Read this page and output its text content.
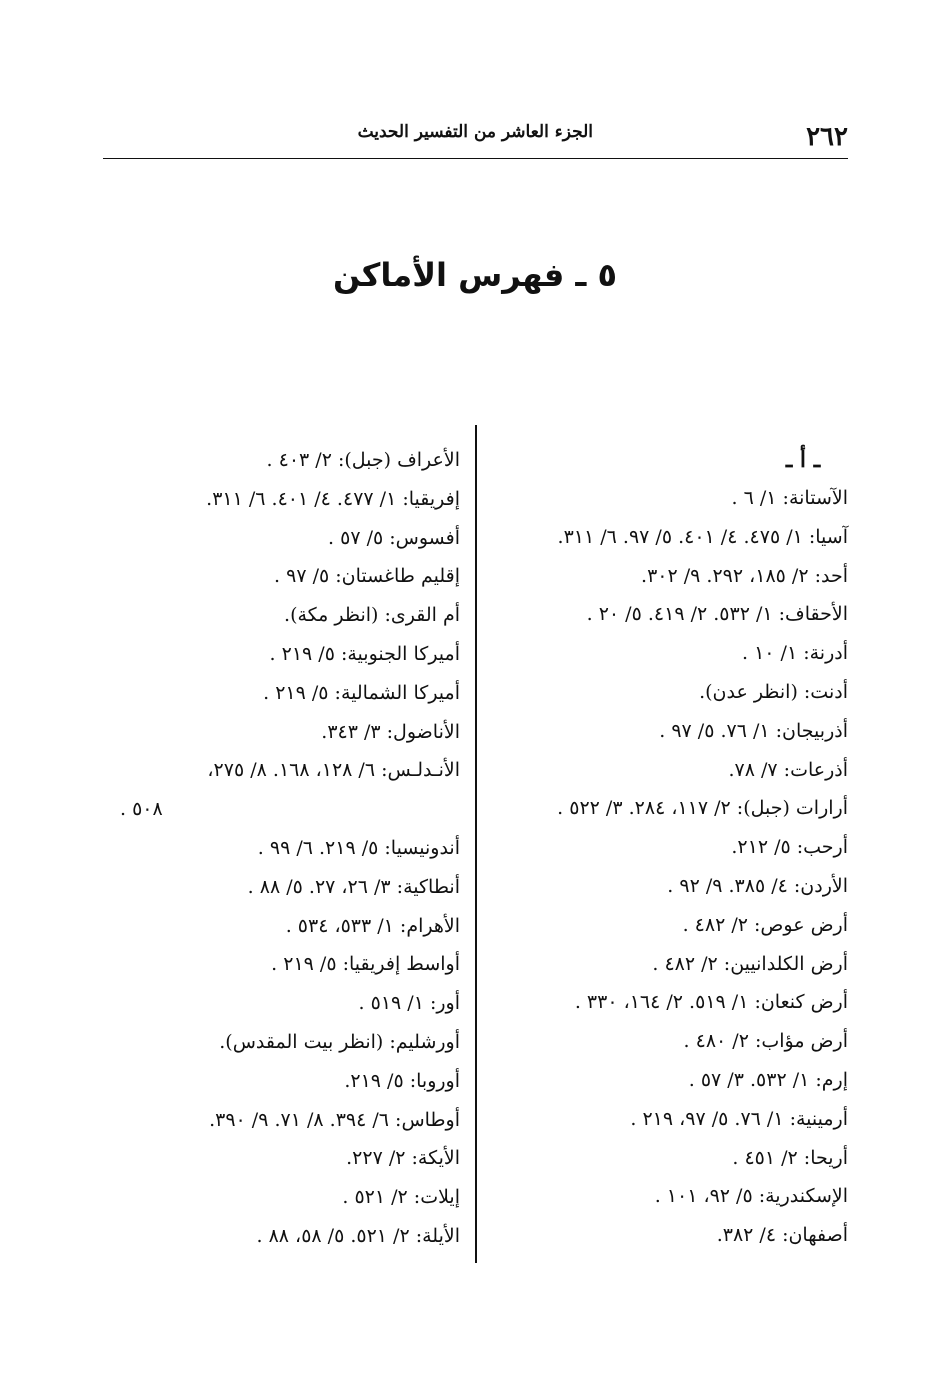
٢٦٢
الجزء العاشر من التفسير الحديث
٥ ـ فهرس الأماكن
ـ أ ـ
الآستانة: ١/ ٦ .
آسيا: ١/ ٤٧٥. ٤/ ٤٠١. ٥/ ٩٧. ٦/ ٣١١.
أحد: ٢/ ١٨٥، ٢٩٢. ٩/ ٣٠٢.
الأحقاف: ١/ ٥٣٢. ٢/ ٤١٩. ٥/ ٢٠ .
أدرنة: ١/ ١٠ .
أدنت: (انظر عدن).
أذربيجان: ١/ ٧٦. ٥/ ٩٧ .
أذرعات: ٧/ ٧٨.
أرارات (جبل): ٢/ ١١٧، ٢٨٤. ٣/ ٥٢٢ .
أرحب: ٥/ ٢١٢.
الأردن: ٤/ ٣٨٥. ٩/ ٩٢ .
أرض عوص: ٢/ ٤٨٢ .
أرض الكلدانيين: ٢/ ٤٨٢ .
أرض كنعان: ١/ ٥١٩. ٢/ ١٦٤، ٣٣٠ .
أرض مؤاب: ٢/ ٤٨٠ .
إرم: ١/ ٥٣٢. ٣/ ٥٧ .
أرمينية: ١/ ٧٦. ٥/ ٩٧، ٢١٩ .
أريحا: ٢/ ٤٥١ .
الإسكندرية: ٥/ ٩٢، ١٠١ .
أصفهان: ٤/ ٣٨٢.
الأعراف (جبل): ٢/ ٤٠٣ .
إفريقيا: ١/ ٤٧٧. ٤/ ٤٠١. ٦/ ٣١١.
أفسوس: ٥/ ٥٧ .
إقليم طاغستان: ٥/ ٩٧ .
أم القرى: (انظر مكة).
أميركا الجنوبية: ٥/ ٢١٩ .
أميركا الشمالية: ٥/ ٢١٩ .
الأناضول: ٣/ ٣٤٣.
الأنـدلـس: ٦/ ١٢٨، ١٦٨. ٨/ ٢٧٥،
٥٠٨ .
أندونيسيا: ٥/ ٢١٩. ٦/ ٩٩ .
أنطاكية: ٣/ ٢٦، ٢٧. ٥/ ٨٨ .
الأهرام: ١/ ٥٣٣، ٥٣٤ .
أواسط إفريقيا: ٥/ ٢١٩ .
أور: ١/ ٥١٩ .
أورشليم: (انظر بيت المقدس).
أوروبا: ٥/ ٢١٩.
أوطاس: ٦/ ٣٩٤. ٨/ ٧١. ٩/ ٣٩٠.
الأيكة: ٢/ ٢٢٧.
إيلات: ٢/ ٥٢١ .
الأيلة: ٢/ ٥٢١. ٥/ ٥٨، ٨٨ .
